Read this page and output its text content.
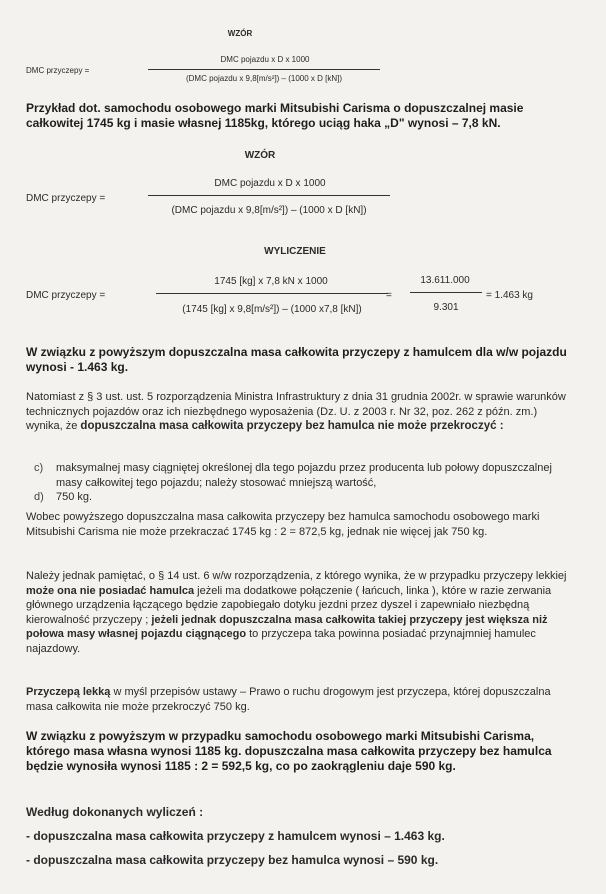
WZÓR
DMC przyczepy =
DMC pojazdu x D x 1000
(DMC pojazdu x 9,8[m/s²]) – (1000 x D [kN])
Przykład dot. samochodu osobowego marki Mitsubishi Carisma o dopuszczalnej masie całkowitej 1745 kg i masie własnej 1185kg, którego uciąg haka „D" wynosi – 7,8 kN.
WZÓR
DMC przyczepy =
DMC pojazdu x D x 1000
(DMC pojazdu x 9,8[m/s²]) – (1000 x D [kN])
WYLICZENIE
DMC przyczepy =
1745 [kg] x 7,8 kN x 1000
(1745 [kg] x 9,8[m/s²]) – (1000 x7,8 [kN])
=
13.611.000
9.301
= 1.463 kg
W związku z powyższym dopuszczalna masa całkowita przyczepy z hamulcem dla w/w pojazdu wynosi - 1.463 kg.
Natomiast z § 3 ust. ust. 5 rozporządzenia Ministra Infrastruktury z dnia 31 grudnia 2002r. w sprawie warunków technicznych pojazdów oraz ich niezbędnego wyposażenia (Dz. U. z 2003 r. Nr 32, poz. 262 z późn. zm.) wynika, że dopuszczalna masa całkowita przyczepy bez hamulca nie może przekroczyć :
c) maksymalnej masy ciągniętej określonej dla tego pojazdu przez producenta lub połowy dopuszczalnej masy całkowitej tego pojazdu; należy stosować mniejszą wartość,
d) 750 kg.
Wobec powyższego dopuszczalna masa całkowita przyczepy bez hamulca samochodu osobowego marki Mitsubishi Carisma nie może przekraczać 1745 kg : 2 = 872,5 kg, jednak nie więcej jak 750 kg.
Należy jednak pamiętać, o § 14 ust. 6 w/w rozporządzenia, z którego wynika, że w przypadku przyczepy lekkiej może ona nie posiadać hamulca jeżeli ma dodatkowe połączenie ( łańcuch, linka ), które w razie zerwania głównego urządzenia łączącego będzie zapobiegało dotyku jezdni przez dyszel i zapewniało niezbędną kierowalność przyczepy ; jeżeli jednak dopuszczalna masa całkowita takiej przyczepy jest większa niż połowa masy własnej pojazdu ciągnącego to przyczepa taka powinna posiadać przynajmniej hamulec najazdowy.
Przyczepą lekką w myśl przepisów ustawy – Prawo o ruchu drogowym jest przyczepa, której dopuszczalna masa całkowita nie może przekroczyć 750 kg.
W związku z powyższym w przypadku samochodu osobowego marki Mitsubishi Carisma, którego masa własna wynosi 1185 kg. dopuszczalna masa całkowita przyczepy bez hamulca będzie wynosiła wynosi 1185 : 2 = 592,5 kg, co po zaokrągleniu daje 590 kg.
Według dokonanych wyliczeń :
- dopuszczalna masa całkowita przyczepy z hamulcem wynosi – 1.463 kg.
- dopuszczalna masa całkowita przyczepy bez hamulca wynosi – 590 kg.
